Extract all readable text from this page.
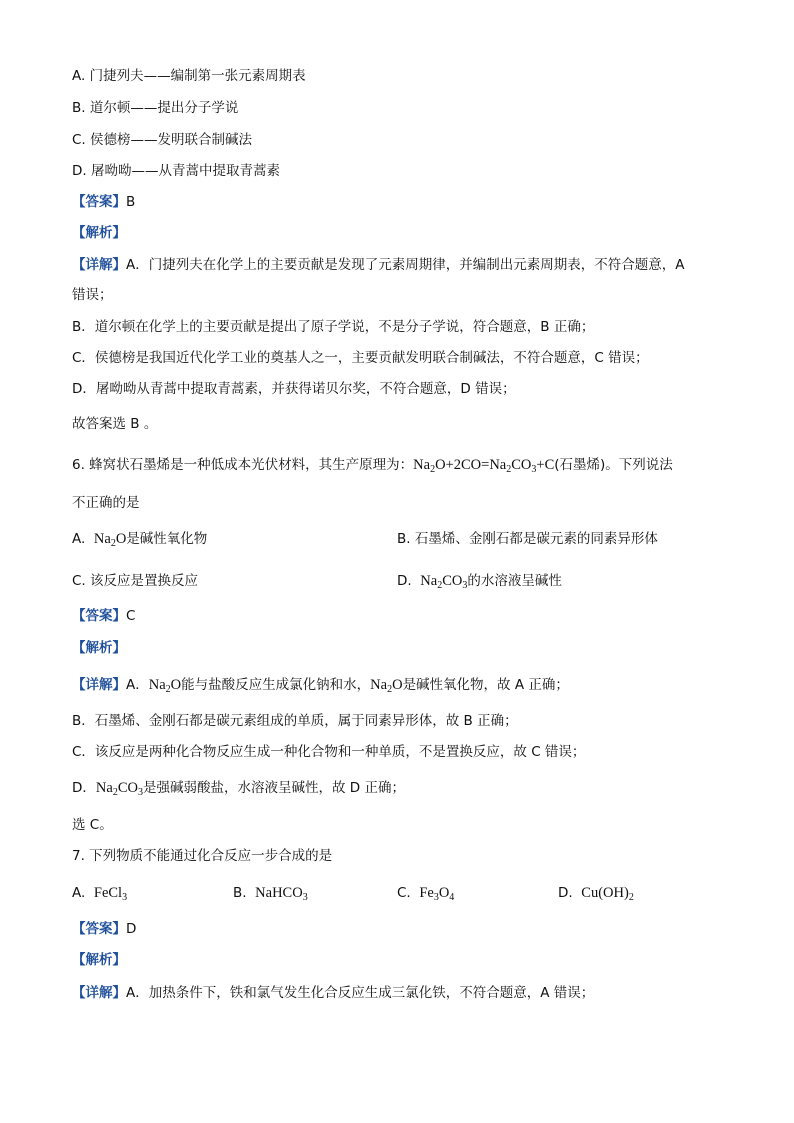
A. 门捷列夫——编制第一张元素周期表
B. 道尔顿——提出分子学说
C. 侯德榜——发明联合制碱法
D. 屠呦呦——从青蒿中提取青蒿素
【答案】B
【解析】
【详解】A．门捷列夫在化学上的主要贡献是发现了元素周期律，并编制出元素周期表，不符合题意，A
错误；
B．道尔顿在化学上的主要贡献是提出了原子学说，不是分子学说，符合题意，B 正确；
C．侯德榜是我国近代化学工业的奠基人之一，主要贡献发明联合制碱法，不符合题意，C 错误；
D．屠呦呦从青蒿中提取青蒿素，并获得诺贝尔奖，不符合题意，D 错误；
故答案选 B 。
6. 蜂窝状石墨烯是一种低成本光伏材料，其生产原理为：$Na_2O+2CO=Na_2CO_3+C$(石墨烯)。下列说法
不正确的是
A. $Na_2O$是碱性氧化物	B. 石墨烯、金刚石都是碳元素的同素异形体
C. 该反应是置换反应	D. $Na_2CO_3$的水溶液呈碱性
【答案】C
【解析】
【详解】A．$Na_2O$能与盐酸反应生成氯化钠和水，$Na_2O$是碱性氧化物，故 A 正确；
B．石墨烯、金刚石都是碳元素组成的单质，属于同素异形体，故 B 正确；
C．该反应是两种化合物反应生成一种化合物和一种单质，不是置换反应，故 C 错误；
D．$Na_2CO_3$是强碱弱酸盐，水溶液呈碱性，故 D 正确；
选 C。
7. 下列物质不能通过化合反应一步合成的是
A. FeCl$_3$	B. NaHCO$_3$	C. $Fe_3O_4$	D. $Cu(OH)_2$
【答案】D
【解析】
【详解】A．加热条件下，铁和氯气发生化合反应生成三氯化铁，不符合题意，A 错误；
